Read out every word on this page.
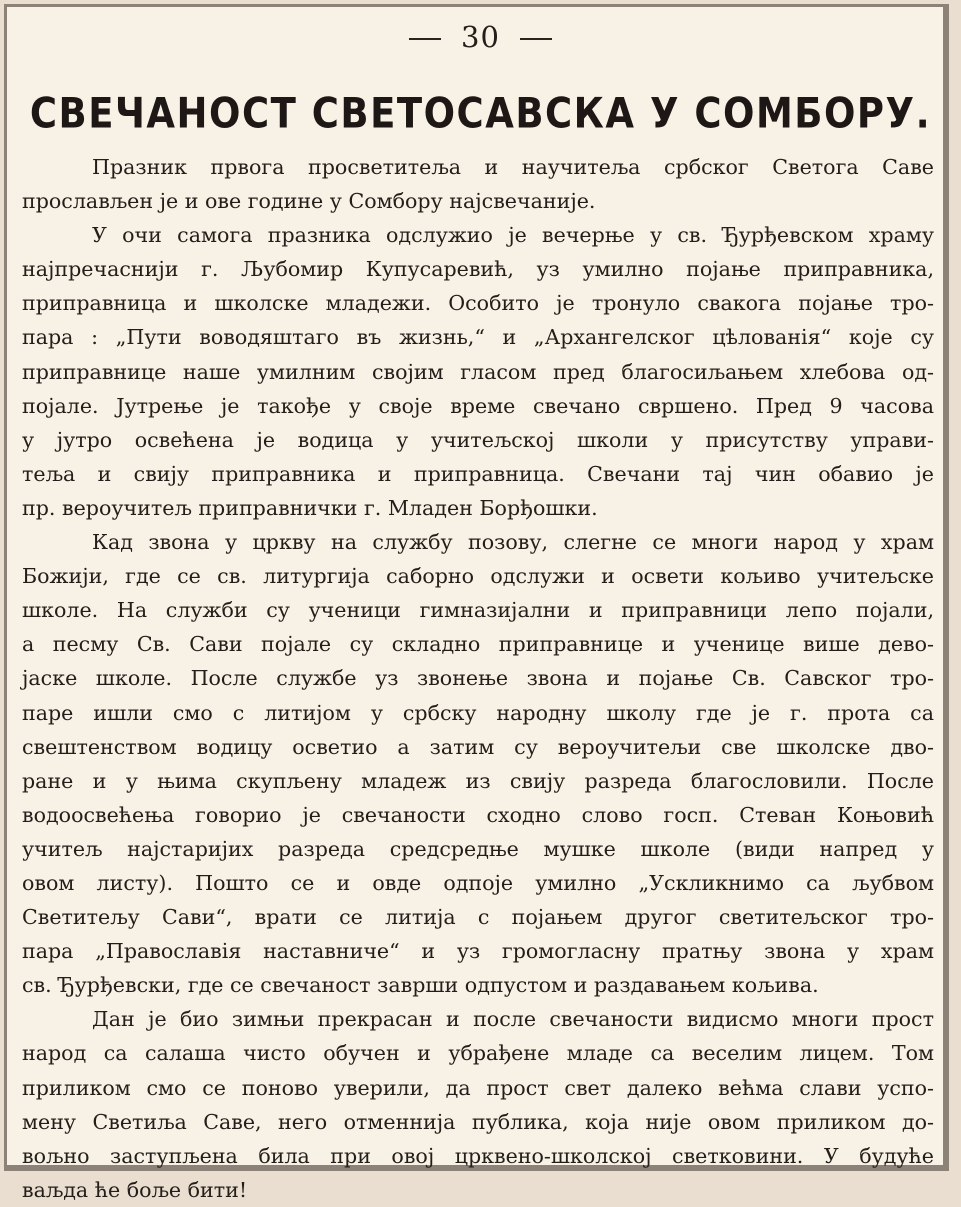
30
СВЕЧАНОСТ СВЕТОСАВСКА У СОМБОРУ.
Празник првога просветитеља и научитеља србског Светога Саве
прослављен је и ове године у Сомбору најсвечаније.
У очи самога празника одслужио је вечерње у св. Ђурђевском храму
најпречаснији г. Љубомир Купусаревић, уз умилно појање приправника,
приправница и школске младежи. Особито је тронуло свакога појање тро-
пара : „Пути воводяштаго въ жизнь,“ и „Архангелског цѣлованія“ које су
приправнице наше умилним својим гласом пред благосиљањем хлебова од-
појале. Јутрење је такође у своје време свечано свршено. Пред 9 часова
у јутро освећена је водица у учитељској школи у присутству управи-
теља и свију приправника и приправница. Свечани тај чин обавио је
пр. вероучитељ приправнички г. Младен Борђошки.
Кад звона у цркву на службу позову, слегне се многи народ у храм
Божији, где се св. литургија саборно одслужи и освети кољиво учитељске
школе. На служби су ученици гимназијални и приправници лепо појали,
а песму Св. Сави појале су складно приправнице и ученице више дево-
јаске школе. После службе уз звонење звона и појање Св. Савског тро-
паре ишли смо с литијом у србску народну школу где је г. прота са
свештенством водицу осветио а затим су вероучитељи све школске дво-
ране и у њима скупљену младеж из свију разреда благословили. После
водоосвећења говорио је свечаности сходно слово госп. Стеван Коњовић
учитељ најстаријих разреда средсредње мушке школе (види напред у
овом листу). Пошто се и овде одпоје умилно „Ускликнимо са љубвом
Светитељу Сави“, врати се литија с појањем другог светитељског тро-
пара „Православія наставниче“ и уз громогласну пратњу звона у храм
св. Ђурђевски, где се свечаност заврши одпустом и раздавањем кољива.
Дан је био зимњи прекрасан и после свечаности видисмо многи прост
народ са салаша чисто обучен и убрађене младе са веселим лицем. Том
приликом смо се поново уверили, да прост свет далеко већма слави успо-
мену Светиља Саве, него отменнија публика, која није овом приликом до-
вољно заступљена била при овој црквено-школској светковини. У будуће
ваљда ће боље бити!
